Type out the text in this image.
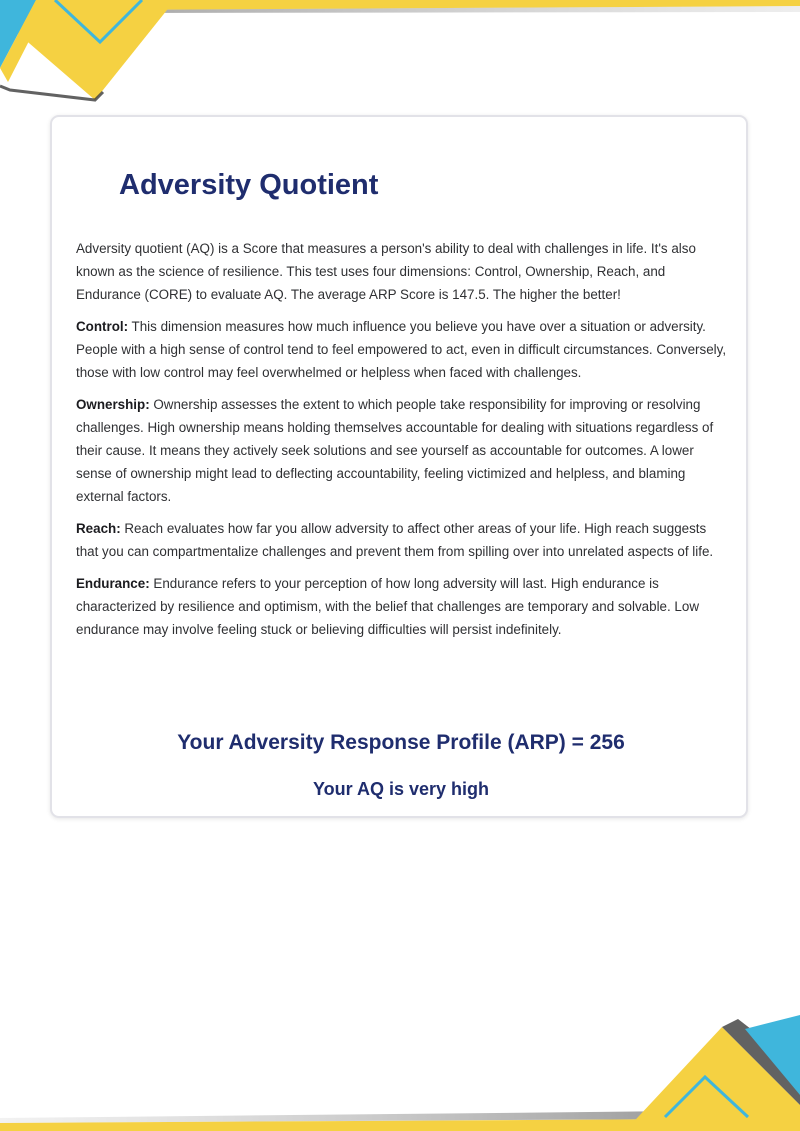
Adversity Quotient

Adversity quotient (AQ) is a Score that measures a person's ability to deal with challenges in life. It's also known as the science of resilience. This test uses four dimensions: Control, Ownership, Reach, and Endurance (CORE) to evaluate AQ. The average ARP Score is 147.5. The higher the better!

Control: This dimension measures how much influence you believe you have over a situation or adversity. People with a high sense of control tend to feel empowered to act, even in difficult circumstances. Conversely, those with low control may feel overwhelmed or helpless when faced with challenges.

Ownership: Ownership assesses the extent to which people take responsibility for improving or resolving challenges. High ownership means holding themselves accountable for dealing with situations regardless of their cause. It means they actively seek solutions and see yourself as accountable for outcomes. A lower sense of ownership might lead to deflecting accountability, feeling victimized and helpless, and blaming external factors.

Reach: Reach evaluates how far you allow adversity to affect other areas of your life. High reach suggests that you can compartmentalize challenges and prevent them from spilling over into unrelated aspects of life.

Endurance: Endurance refers to your perception of how long adversity will last. High endurance is characterized by resilience and optimism, with the belief that challenges are temporary and solvable. Low endurance may involve feeling stuck or believing difficulties will persist indefinitely.

Your Adversity Response Profile (ARP) = 256

Your AQ is very high
